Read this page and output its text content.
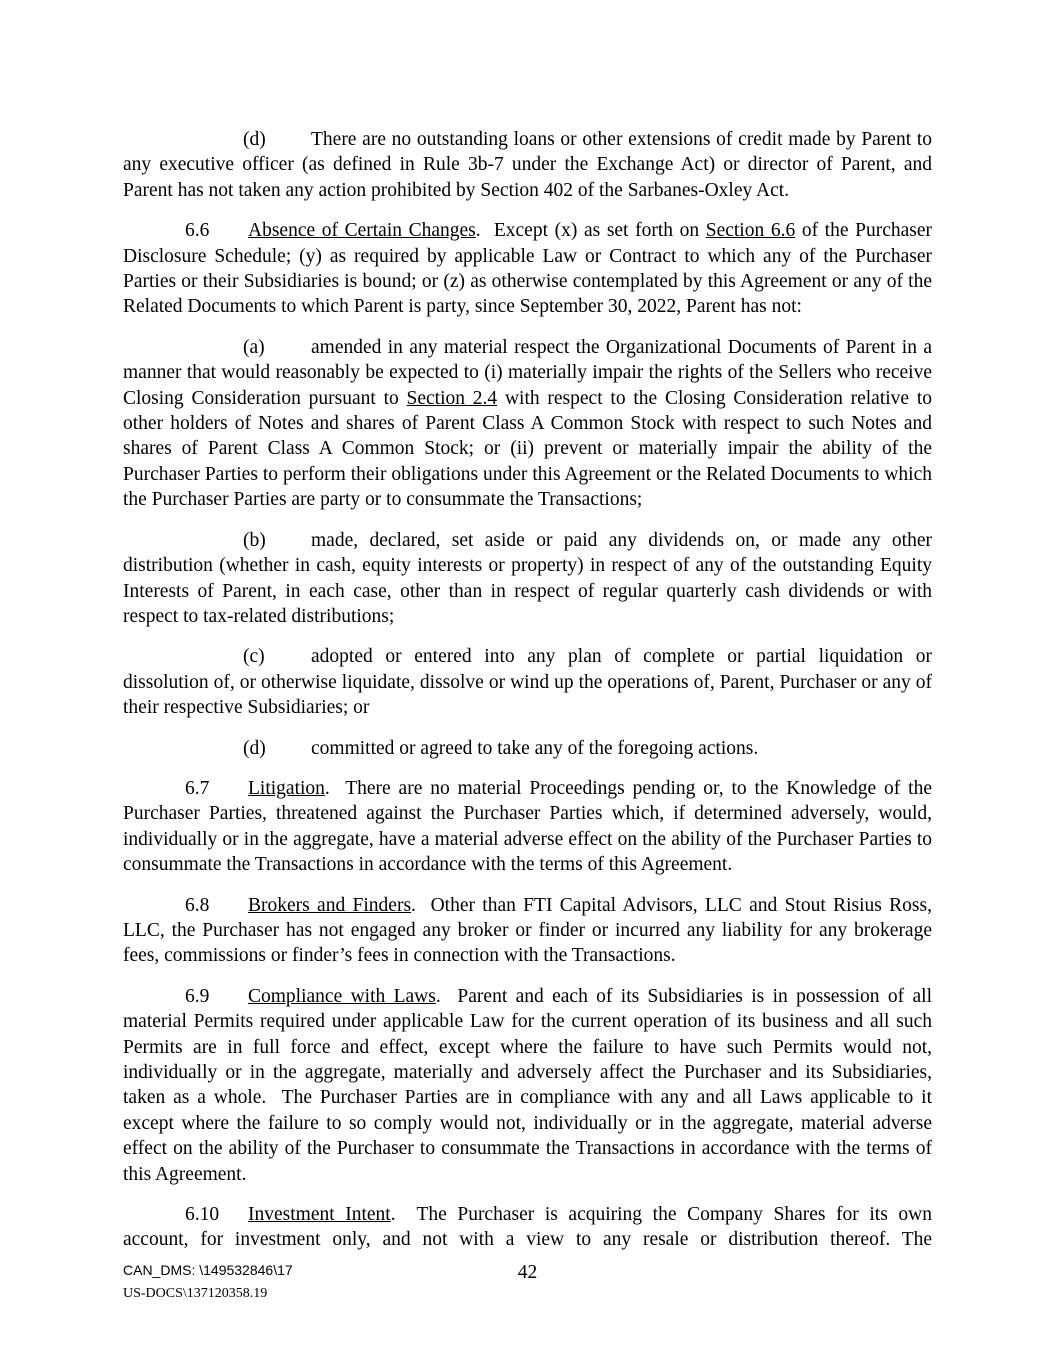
(d) There are no outstanding loans or other extensions of credit made by Parent to any executive officer (as defined in Rule 3b-7 under the Exchange Act) or director of Parent, and Parent has not taken any action prohibited by Section 402 of the Sarbanes-Oxley Act.

6.6 Absence of Certain Changes.  Except (x) as set forth on Section 6.6 of the Purchaser Disclosure Schedule; (y) as required by applicable Law or Contract to which any of the Purchaser Parties or their Subsidiaries is bound; or (z) as otherwise contemplated by this Agreement or any of the Related Documents to which Parent is party, since September 30, 2022, Parent has not:

(a) amended in any material respect the Organizational Documents of Parent in a manner that would reasonably be expected to (i) materially impair the rights of the Sellers who receive Closing Consideration pursuant to Section 2.4 with respect to the Closing Consideration relative to other holders of Notes and shares of Parent Class A Common Stock with respect to such Notes and shares of Parent Class A Common Stock; or (ii) prevent or materially impair the ability of the Purchaser Parties to perform their obligations under this Agreement or the Related Documents to which the Purchaser Parties are party or to consummate the Transactions;

(b) made, declared, set aside or paid any dividends on, or made any other distribution (whether in cash, equity interests or property) in respect of any of the outstanding Equity Interests of Parent, in each case, other than in respect of regular quarterly cash dividends or with respect to tax-related distributions;

(c) adopted or entered into any plan of complete or partial liquidation or dissolution of, or otherwise liquidate, dissolve or wind up the operations of, Parent, Purchaser or any of their respective Subsidiaries; or

(d) committed or agreed to take any of the foregoing actions.

6.7 Litigation.  There are no material Proceedings pending or, to the Knowledge of the Purchaser Parties, threatened against the Purchaser Parties which, if determined adversely, would, individually or in the aggregate, have a material adverse effect on the ability of the Purchaser Parties to consummate the Transactions in accordance with the terms of this Agreement.

6.8 Brokers and Finders.  Other than FTI Capital Advisors, LLC and Stout Risius Ross, LLC, the Purchaser has not engaged any broker or finder or incurred any liability for any brokerage fees, commissions or finder’s fees in connection with the Transactions.

6.9 Compliance with Laws.  Parent and each of its Subsidiaries is in possession of all material Permits required under applicable Law for the current operation of its business and all such Permits are in full force and effect, except where the failure to have such Permits would not, individually or in the aggregate, materially and adversely affect the Purchaser and its Subsidiaries, taken as a whole.  The Purchaser Parties are in compliance with any and all Laws applicable to it except where the failure to so comply would not, individually or in the aggregate, material adverse effect on the ability of the Purchaser to consummate the Transactions in accordance with the terms of this Agreement.

6.10 Investment Intent.  The Purchaser is acquiring the Company Shares for its own account, for investment only, and not with a view to any resale or distribution thereof. The

CAN_DMS: \149532846\17	42
US-DOCS\137120358.19
